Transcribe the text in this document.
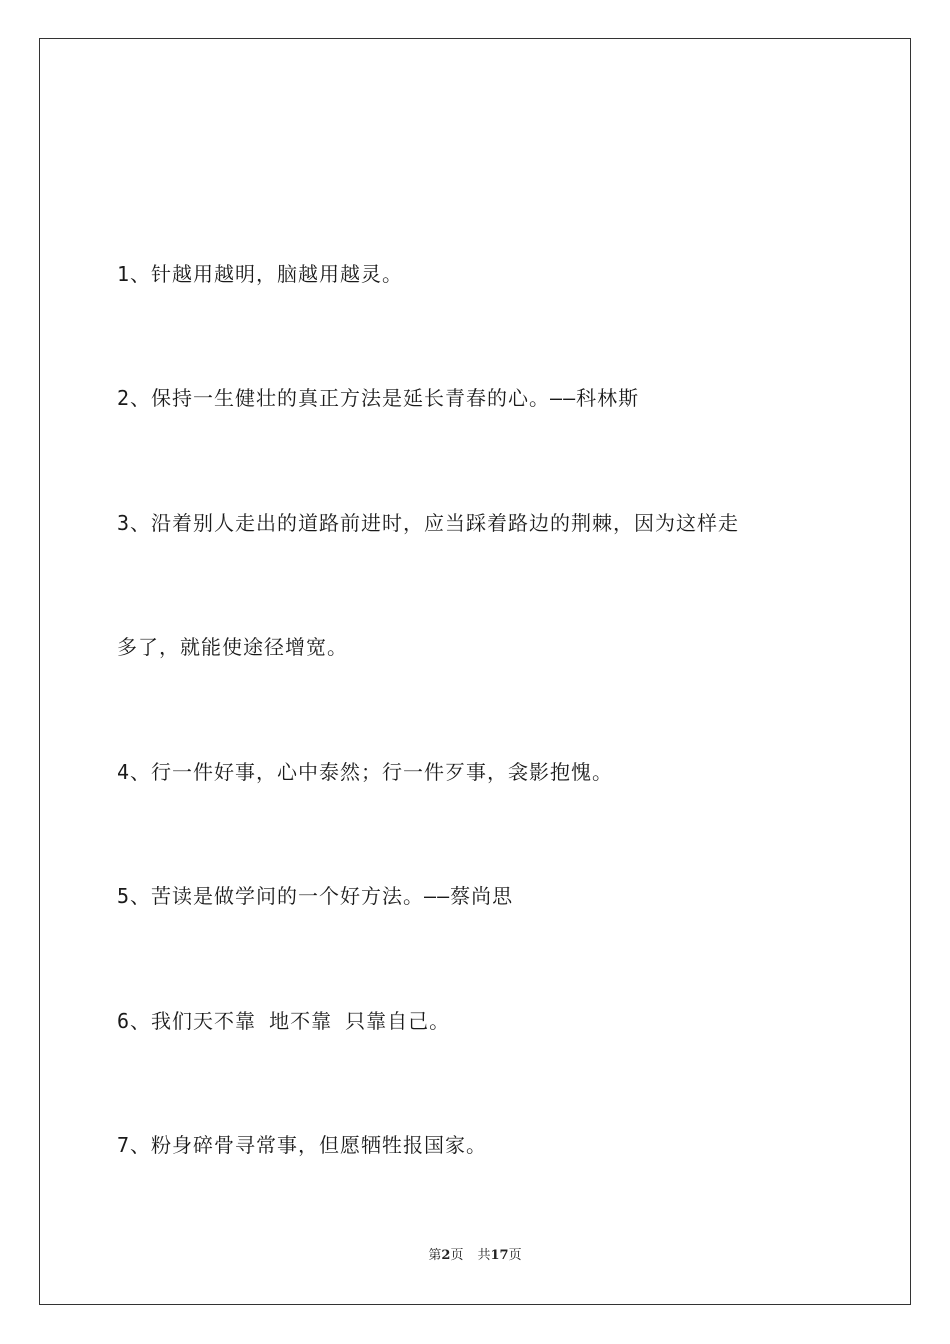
1、针越用越明，脑越用越灵。
2、保持一生健壮的真正方法是延长青春的心。——科林斯
3、沿着别人走出的道路前进时，应当踩着路边的荆棘，因为这样走
多了，就能使途径增宽。
4、行一件好事，心中泰然；行一件歹事，衾影抱愧。
5、苦读是做学问的一个好方法。——蔡尚思
6、我们天不靠 地不靠 只靠自己。
7、粉身碎骨寻常事，但愿牺牲报国家。
第2页 共17页
